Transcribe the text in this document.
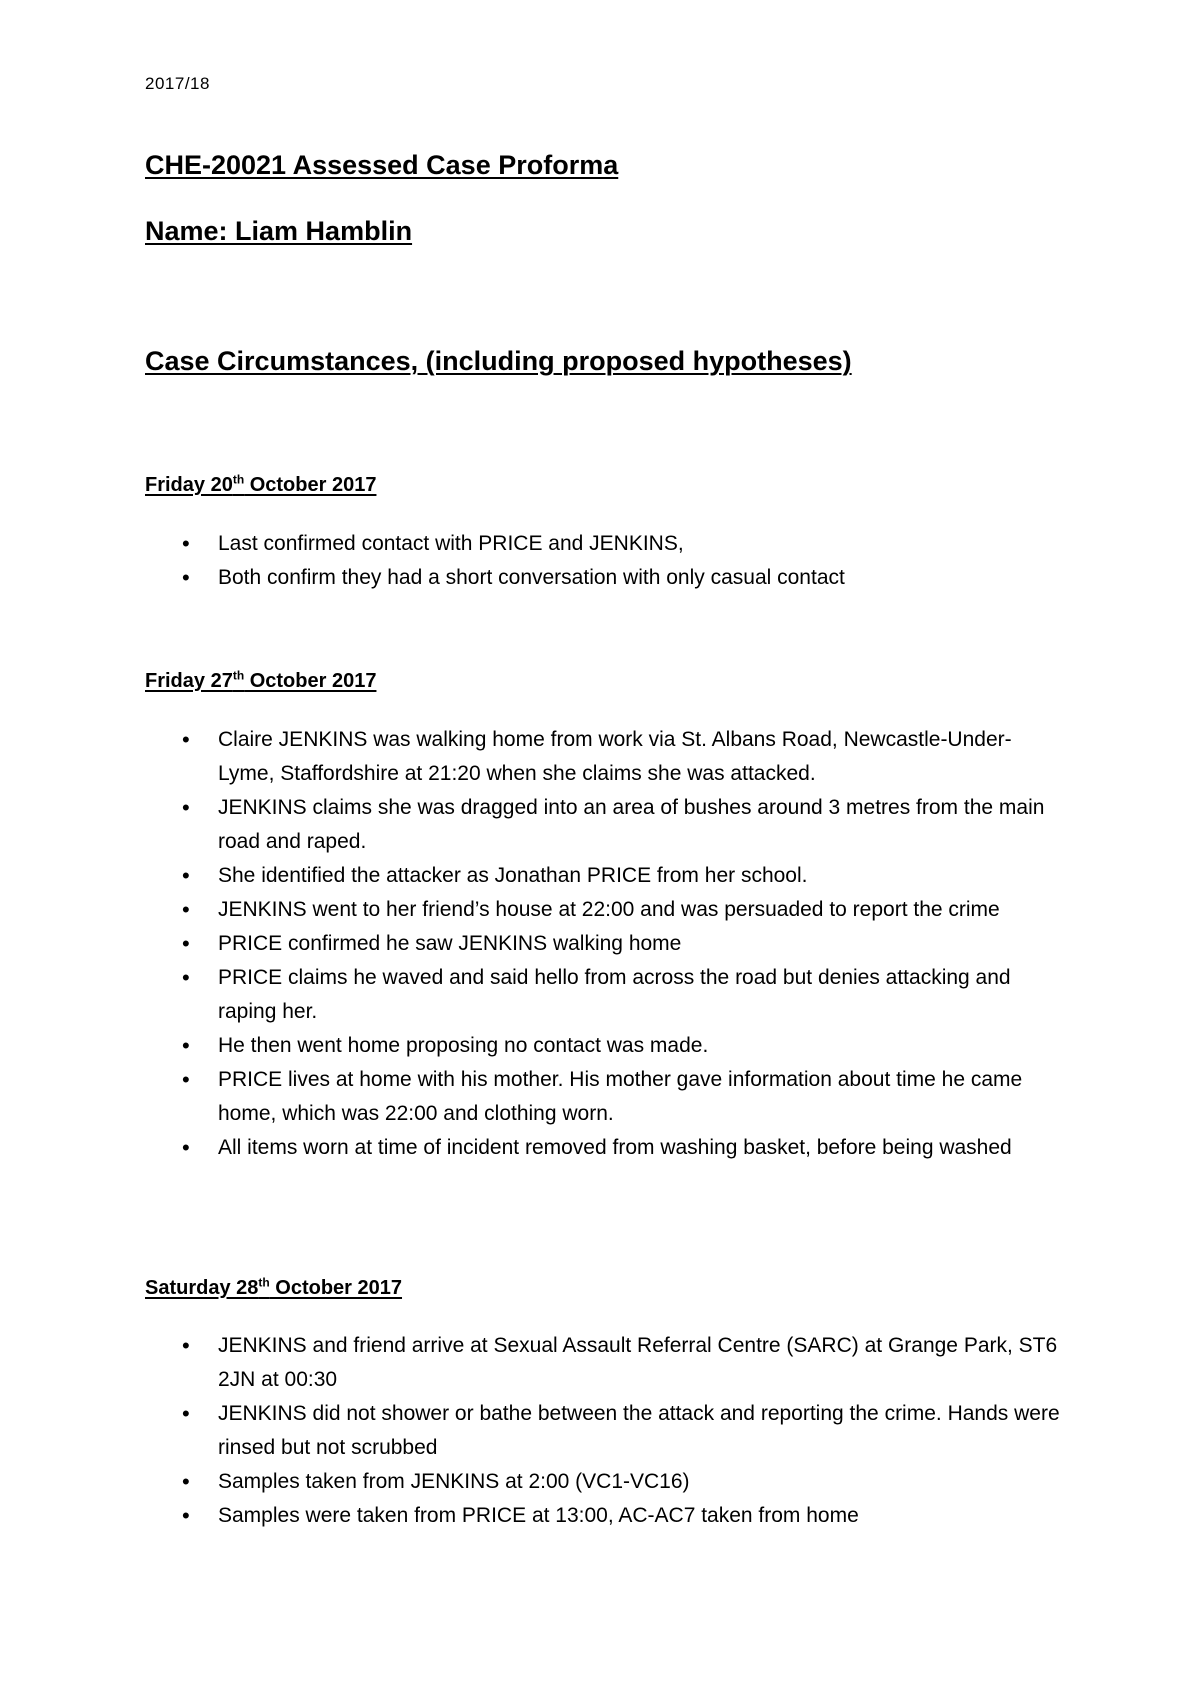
2017/18
CHE-20021 Assessed Case Proforma
Name: Liam Hamblin
Case Circumstances, (including proposed hypotheses)
Friday 20th October 2017
• Last confirmed contact with PRICE and JENKINS,
• Both confirm they had a short conversation with only casual contact
Friday 27th October 2017
• Claire JENKINS was walking home from work via St. Albans Road, Newcastle-Under-Lyme, Staffordshire at 21:20 when she claims she was attacked.
• JENKINS claims she was dragged into an area of bushes around 3 metres from the main road and raped.
• She identified the attacker as Jonathan PRICE from her school.
• JENKINS went to her friend’s house at 22:00 and was persuaded to report the crime
• PRICE confirmed he saw JENKINS walking home
• PRICE claims he waved and said hello from across the road but denies attacking and raping her.
• He then went home proposing no contact was made.
• PRICE lives at home with his mother. His mother gave information about time he came home, which was 22:00 and clothing worn.
• All items worn at time of incident removed from washing basket, before being washed
Saturday 28th October 2017
• JENKINS and friend arrive at Sexual Assault Referral Centre (SARC) at Grange Park, ST6 2JN at 00:30
• JENKINS did not shower or bathe between the attack and reporting the crime. Hands were rinsed but not scrubbed
• Samples taken from JENKINS at 2:00 (VC1-VC16)
• Samples were taken from PRICE at 13:00, AC-AC7 taken from home
